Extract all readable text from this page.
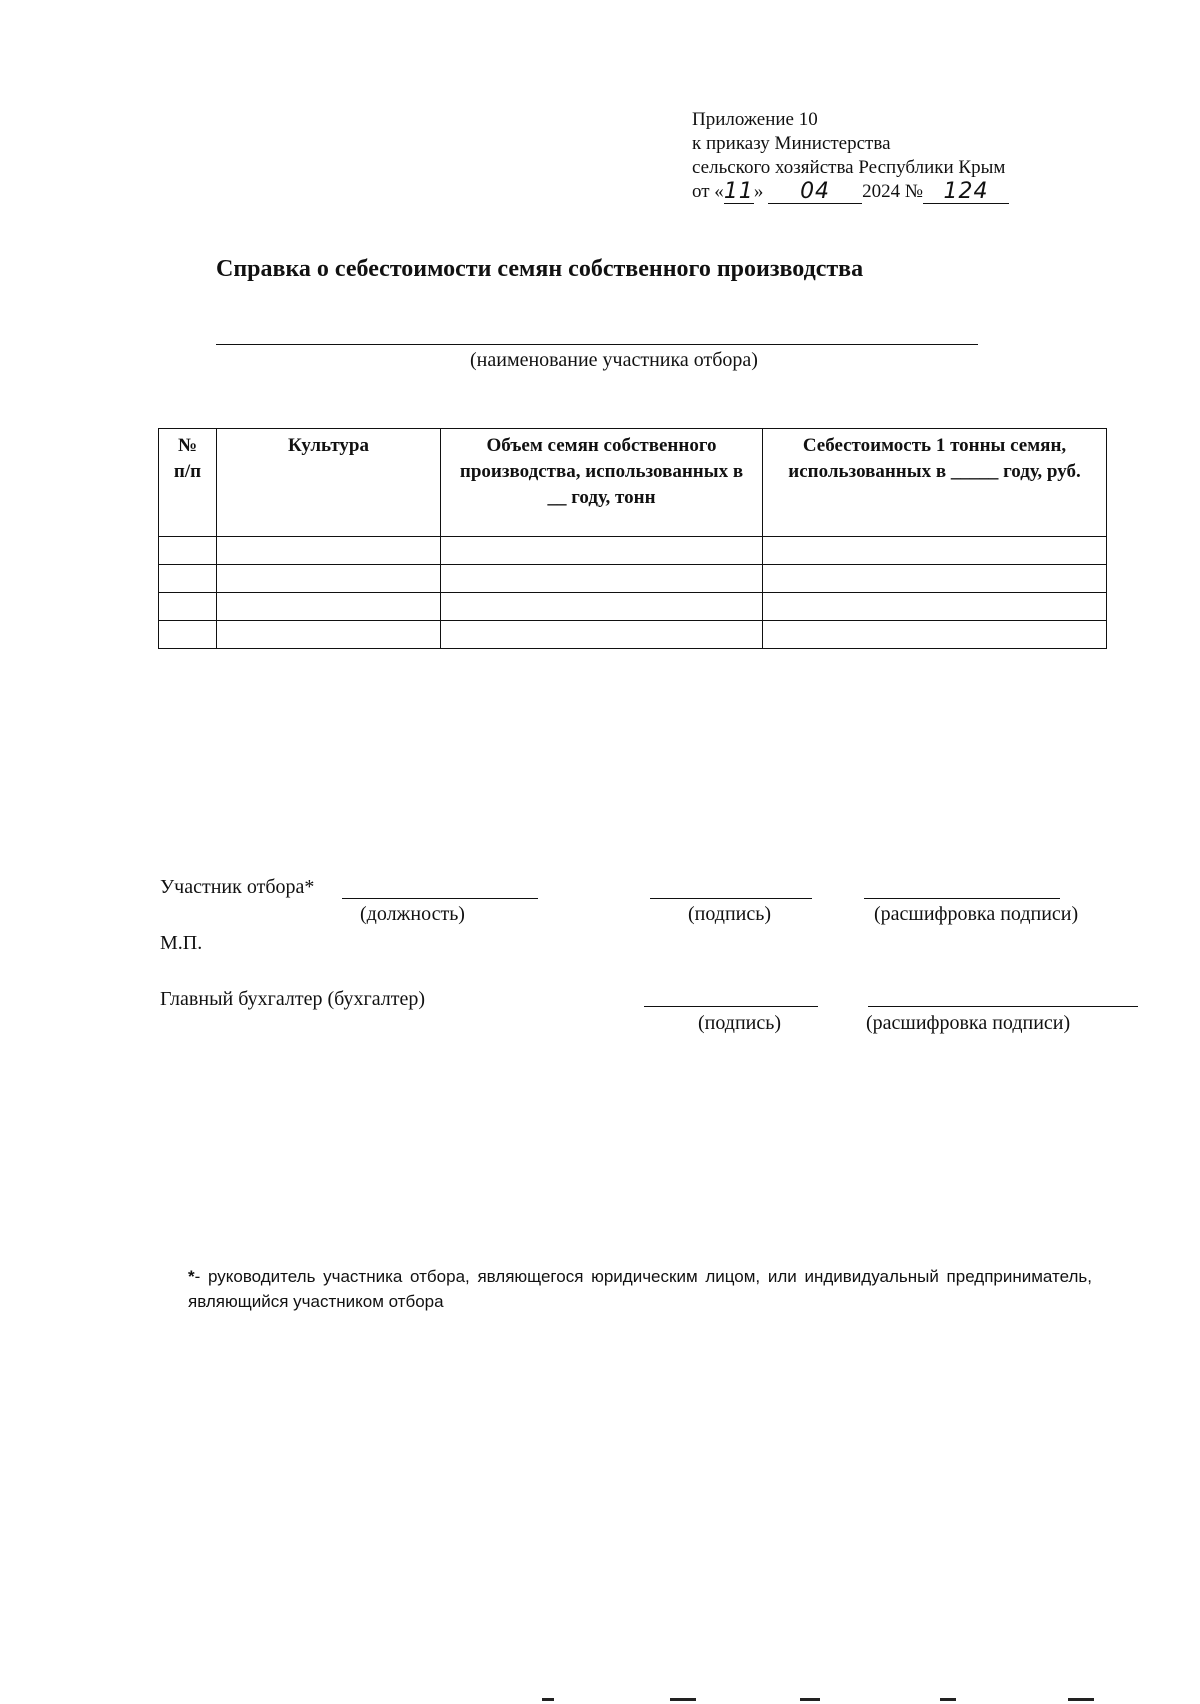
Приложение 10
к приказу Министерства
сельского хозяйства Республики Крым
от «11» 04 2024 № 124
Справка о себестоимости семян собственного производства
(наименование участника отбора)
№
п/п	Культура	Объем семян собственного производства, использованных в __ году, тонн	Себестоимость 1 тонны семян, использованных в _____ году, руб.

Участник отбора*
(должность)	(подпись)	(расшифровка подписи)
М.П.
Главный бухгалтер (бухгалтер)
(подпись)	(расшифровка подписи)
*- руководитель участника отбора, являющегося юридическим лицом, или индивидуальный предприниматель, являющийся участником отбора
